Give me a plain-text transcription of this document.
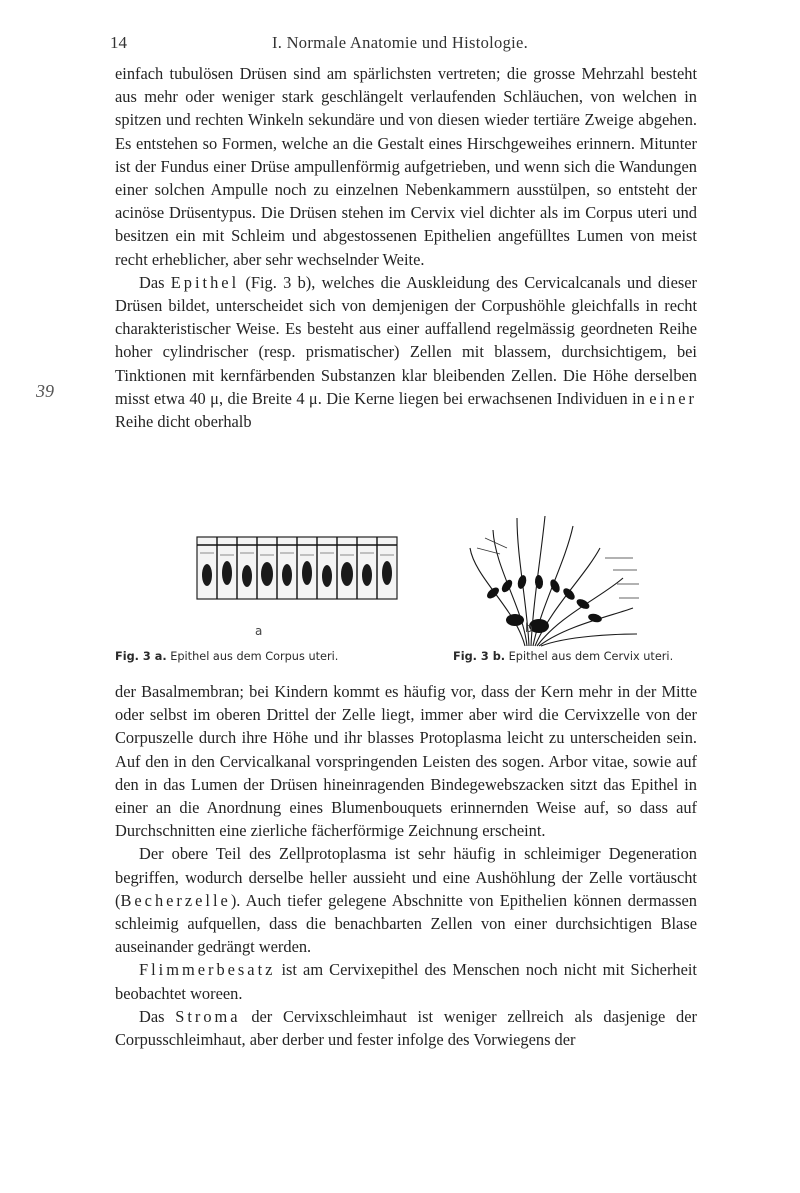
14	I. Normale Anatomie und Histologie.
39

einfach tubulösen Drüsen sind am spärlichsten vertreten; die grosse Mehrzahl besteht aus mehr oder weniger stark geschlängelt verlaufenden Schläuchen, von welchen in spitzen und rechten Winkeln sekundäre und von diesen wieder tertiäre Zweige abgehen. Es entstehen so Formen, welche an die Gestalt eines Hirschgeweihes erinnern. Mitunter ist der Fundus einer Drüse ampullenförmig aufgetrieben, und wenn sich die Wandungen einer solchen Ampulle noch zu einzelnen Nebenkammern ausstülpen, so entsteht der acinöse Drüsentypus. Die Drüsen stehen im Cervix viel dichter als im Corpus uteri und besitzen ein mit Schleim und abgestossenen Epithelien angefülltes Lumen von meist recht erheblicher, aber sehr wechselnder Weite.

Das Epithel (Fig. 3 b), welches die Auskleidung des Cervicalcanals und dieser Drüsen bildet, unterscheidet sich von demjenigen der Corpushöhle gleichfalls in recht charakteristischer Weise. Es besteht aus einer auffallend regelmässig geordneten Reihe hoher cylindrischer (resp. prismatischer) Zellen mit blassem, durchsichtigem, bei Tinktionen mit kernfärbenden Substanzen klar bleibenden Zellen. Die Höhe derselben misst etwa 40 μ, die Breite 4 μ. Die Kerne liegen bei erwachsenen Individuen in einer Reihe dicht oberhalb

a	b
Fig. 3 a. Epithel aus dem Corpus uteri.	Fig. 3 b. Epithel aus dem Cervix uteri.

der Basalmembran; bei Kindern kommt es häufig vor, dass der Kern mehr in der Mitte oder selbst im oberen Drittel der Zelle liegt, immer aber wird die Cervixzelle von der Corpuszelle durch ihre Höhe und ihr blasses Protoplasma leicht zu unterscheiden sein. Auf den in den Cervicalkanal vorspringenden Leisten des sogen. Arbor vitae, sowie auf den in das Lumen der Drüsen hineinragenden Bindegewebszacken sitzt das Epithel in einer an die Anordnung eines Blumenbouquets erinnernden Weise auf, so dass auf Durchschnitten eine zierliche fächerförmige Zeichnung erscheint.

Der obere Teil des Zellprotoplasma ist sehr häufig in schleimiger Degeneration begriffen, wodurch derselbe heller aussieht und eine Aushöhlung der Zelle vortäuscht (Becherzelle). Auch tiefer gelegene Abschnitte von Epithelien können dermassen schleimig aufquellen, dass die benachbarten Zellen von einer durchsichtigen Blase auseinander gedrängt werden.

Flimmerbesatz ist am Cervixepithel des Menschen noch nicht mit Sicherheit beobachtet woreen.

Das Stroma der Cervixschleimhaut ist weniger zellreich als dasjenige der Corpusschleimhaut, aber derber und fester infolge des Vorwiegens der
